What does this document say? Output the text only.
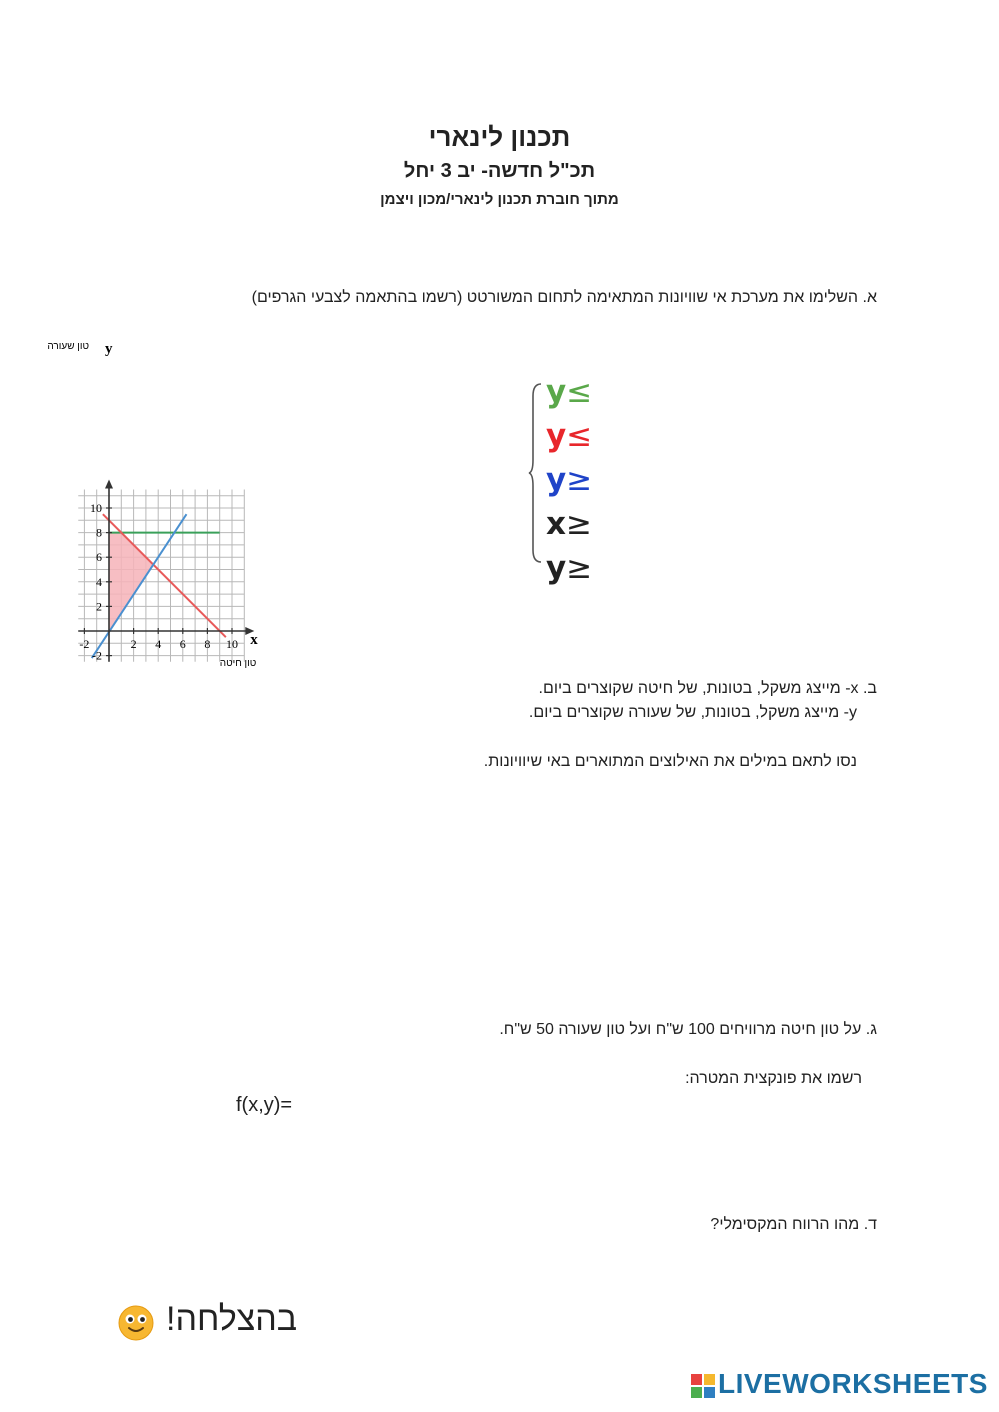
תכנון לינארי
תכ"ל חדשה- יב 3 יחל
מתוך חוברת תכנון לינארי/מכון ויצמן
א. השלימו את מערכת אי שוויונות המתאימה לתחום המשורטט (רשמו בהתאמה לצבעי הגרפים)
-2	2 4 6 8 10
-2
2
4
6
8
10
x
טון חיטה
y
טון שעורה
y≤
y≤
y≥
x≥
y≥
ב. x- מייצג משקל, בטונות, של חיטה שקוצרים ביום.
y- מייצג משקל, בטונות, של שעורה שקוצרים ביום.
נסו לתאם במילים את האילוצים המתוארים באי שיוויונות.
ג. על טון חיטה מרוויחים 100 ש"ח ועל טון שעורה 50 ש"ח.
רשמו את פונקצית המטרה:
f(x,y)=
ד. מהו הרווח המקסימלי?
בהצלחה!
LIVEWORKSHEETS
